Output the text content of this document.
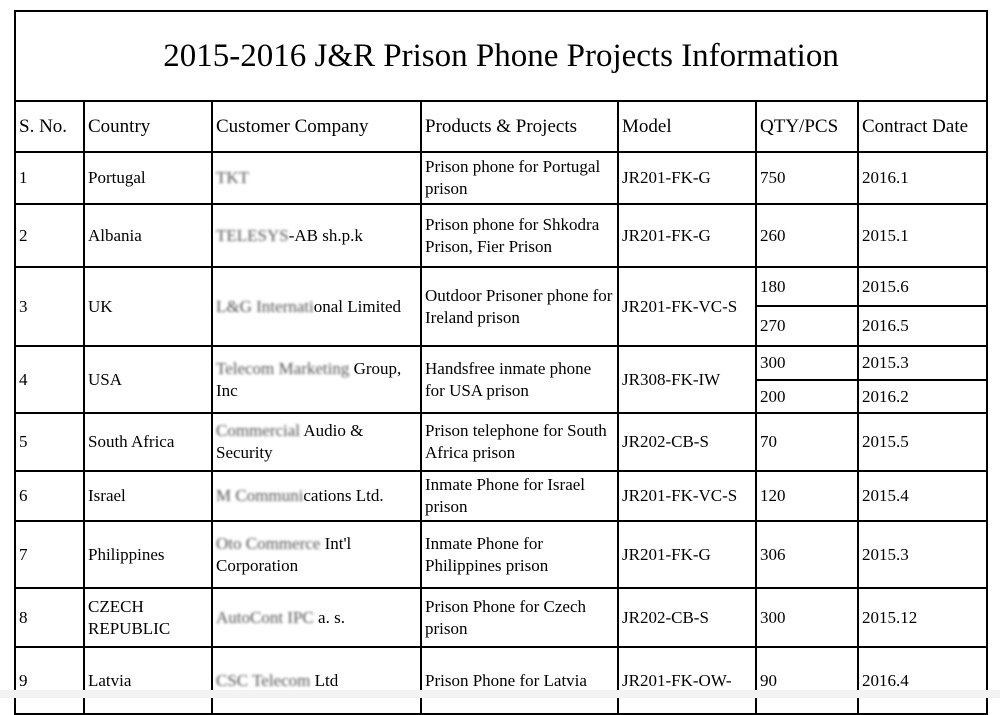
2015-2016 J&R Prison Phone Projects Information						
S. No.	Country	Customer Company	Products & Projects	Model	QTY/PCS	Contract Date
1	Portugal	TKT	Prison phone for Portugal prison	JR201-FK-G	750	2016.1
2	Albania	TELESYS-AB sh.p.k	Prison phone for Shkodra Prison, Fier Prison	JR201-FK-G	260	2015.1
3	UK	L&G International Limited	Outdoor Prisoner phone for Ireland prison	JR201-FK-VC-S	180	2015.6
					270	2016.5
4	USA	Telecom Marketing Group, Inc	Handsfree inmate phone for USA prison	JR308-FK-IW	300	2015.3
					200	2016.2
5	South Africa	Commercial Audio & Security	Prison telephone for South Africa prison	JR202-CB-S	70	2015.5
6	Israel	M Communications Ltd.	Inmate Phone for Israel prison	JR201-FK-VC-S	120	2015.4
7	Philippines	Oto Commerce Int'l Corporation	Inmate Phone for Philippines prison	JR201-FK-G	306	2015.3
8	CZECH REPUBLIC	AutoCont IPC a. s.	Prison Phone for Czech prison	JR202-CB-S	300	2015.12
9	Latvia	CSC Telecom Ltd	Prison Phone for Latvia	JR201-FK-OW-	90	2016.4
